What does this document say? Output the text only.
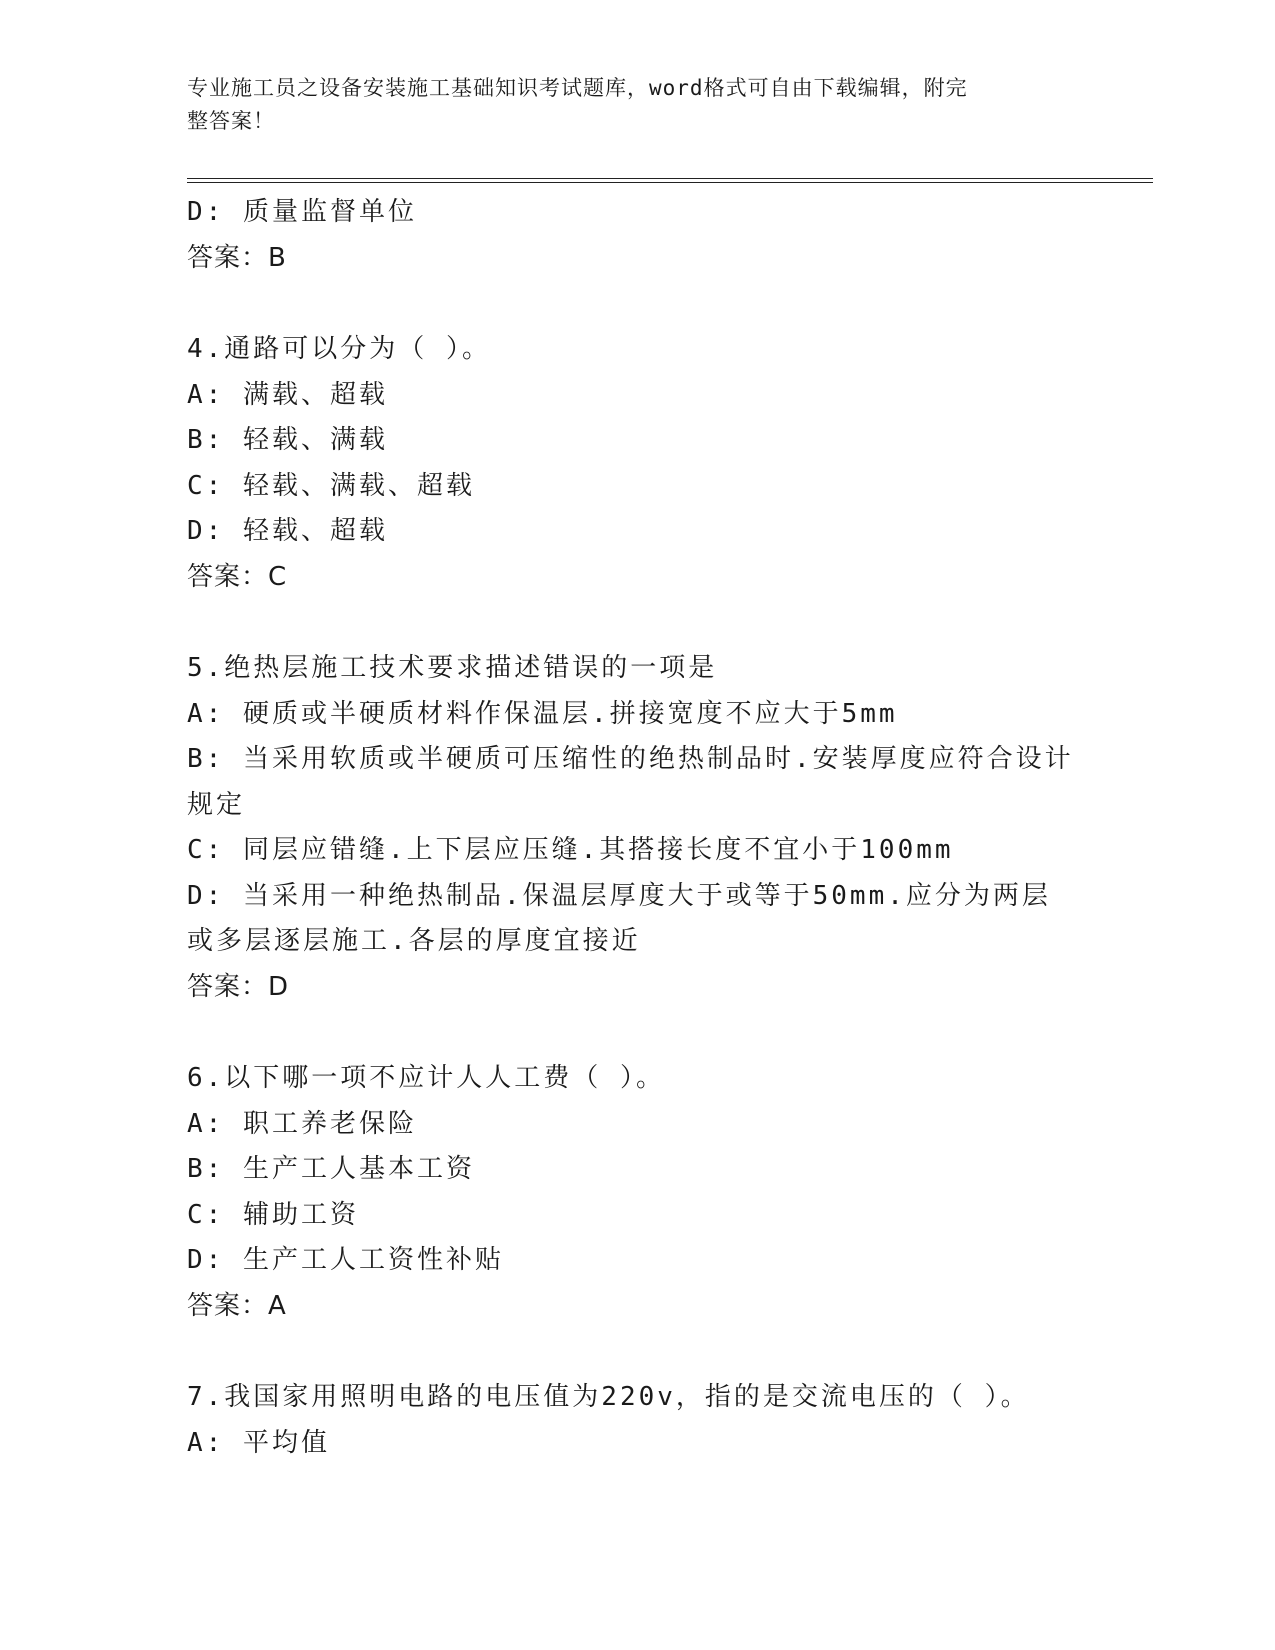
专业施工员之设备安装施工基础知识考试题库，word格式可自由下载编辑，附完
整答案！
D: 质量监督单位
答案：B
4.通路可以分为（ ）。
A: 满载、超载
B: 轻载、满载
C: 轻载、满载、超载
D: 轻载、超载
答案：C
5.绝热层施工技术要求描述错误的一项是
A: 硬质或半硬质材料作保温层.拼接宽度不应大于5mm
B: 当采用软质或半硬质可压缩性的绝热制品时.安装厚度应符合设计规定
C: 同层应错缝.上下层应压缝.其搭接长度不宜小于100mm
D: 当采用一种绝热制品.保温层厚度大于或等于50mm.应分为两层或多层逐层施工.各层的厚度宜接近
答案：D
6.以下哪一项不应计人人工费（ ）。
A: 职工养老保险
B: 生产工人基本工资
C: 辅助工资
D: 生产工人工资性补贴
答案：A
7.我国家用照明电路的电压值为220v，指的是交流电压的（ ）。
A: 平均值
